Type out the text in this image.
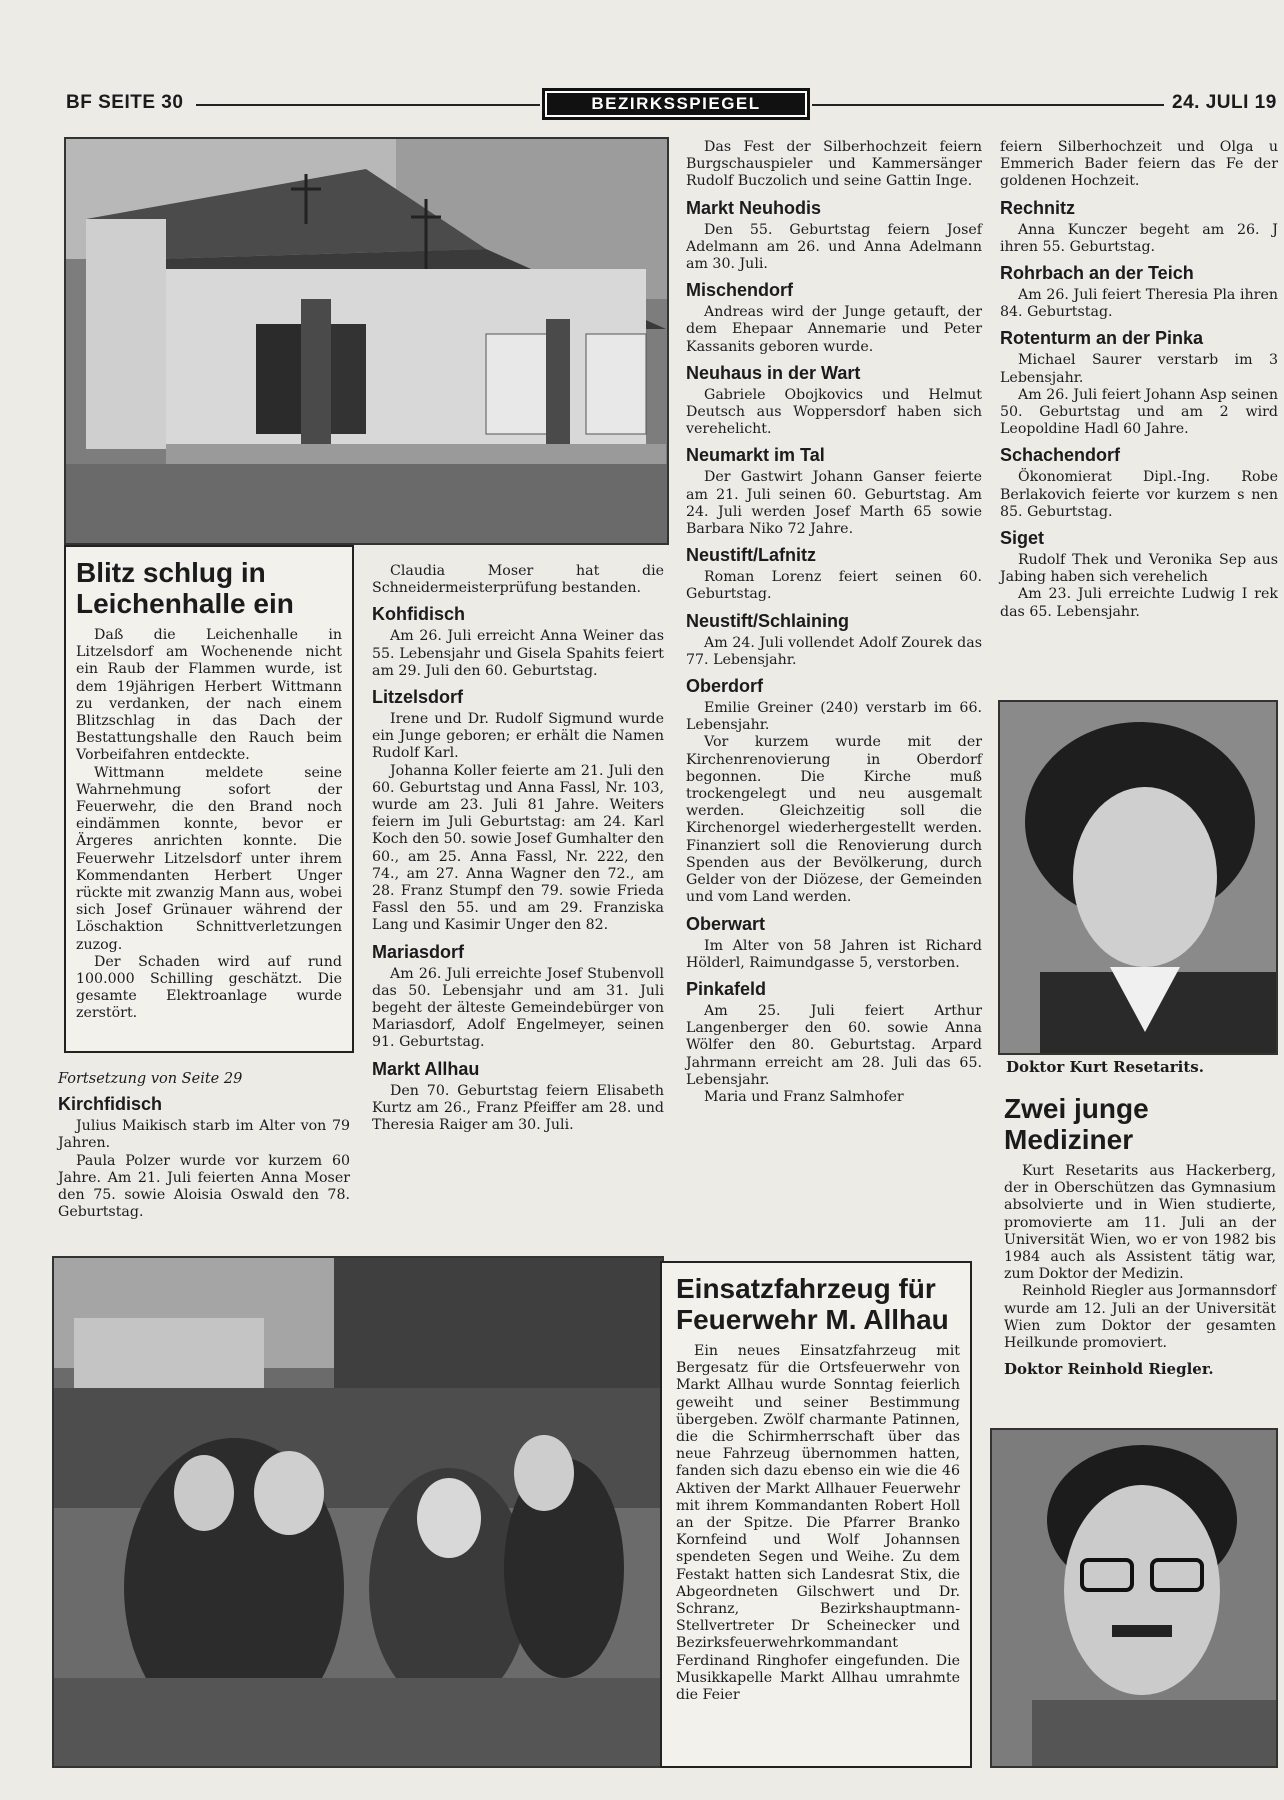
BF SEITE 30	BEZIRKSSPIEGEL	24. JULI 19
Blitz schlug in Leichenhalle ein

Daß die Leichenhalle in Litzelsdorf am Wochenende nicht ein Raub der Flammen wurde, ist dem 19jährigen Herbert Wittmann zu verdanken, der nach einem Blitzschlag in das Dach der Bestattungshalle den Rauch beim Vorbeifahren entdeckte.

Wittmann meldete seine Wahrnehmung sofort der Feuerwehr, die den Brand noch eindämmen konnte, bevor er Ärgeres anrichten konnte. Die Feuerwehr Litzelsdorf unter ihrem Kommendanten Herbert Unger rückte mit zwanzig Mann aus, wobei sich Josef Grünauer während der Löschaktion Schnittverletzungen zuzog.

Der Schaden wird auf rund 100.000 Schilling geschätzt. Die gesamte Elektroanlage wurde zerstört.

Fortsetzung von Seite 29
Kirchfidisch

Julius Maikisch starb im Alter von 79 Jahren.

Paula Polzer wurde vor kurzem 60 Jahre. Am 21. Juli feierten Anna Moser den 75. sowie Aloisia Oswald den 78. Geburtstag.

Claudia Moser hat die Schneidermeisterprüfung bestanden.

Kohfidisch

Am 26. Juli erreicht Anna Weiner das 55. Lebensjahr und Gisela Spahits feiert am 29. Juli den 60. Geburtstag.

Litzelsdorf

Irene und Dr. Rudolf Sigmund wurde ein Junge geboren; er erhält die Namen Rudolf Karl.

Johanna Koller feierte am 21. Juli den 60. Geburtstag und Anna Fassl, Nr. 103, wurde am 23. Juli 81 Jahre. Weiters feiern im Juli Geburtstag: am 24. Karl Koch den 50. sowie Josef Gumhalter den 60., am 25. Anna Fassl, Nr. 222, den 74., am 27. Anna Wagner den 72., am 28. Franz Stumpf den 79. sowie Frieda Fassl den 55. und am 29. Franziska Lang und Kasimir Unger den 82.

Mariasdorf

Am 26. Juli erreichte Josef Stubenvoll das 50. Lebensjahr und am 31. Juli begeht der älteste Gemeindebürger von Mariasdorf, Adolf Engelmeyer, seinen 91. Geburtstag.

Markt Allhau

Den 70. Geburtstag feiern Elisabeth Kurtz am 26., Franz Pfeiffer am 28. und Theresia Raiger am 30. Juli.

Das Fest der Silberhochzeit feiern Burgschauspieler und Kammersänger Rudolf Buczolich und seine Gattin Inge.

Markt Neuhodis

Den 55. Geburtstag feiern Josef Adelmann am 26. und Anna Adelmann am 30. Juli.

Mischendorf

Andreas wird der Junge getauft, der dem Ehepaar Annemarie und Peter Kassanits geboren wurde.

Neuhaus in der Wart

Gabriele Obojkovics und Helmut Deutsch aus Woppersdorf haben sich verehelicht.

Neumarkt im Tal

Der Gastwirt Johann Ganser feierte am 21. Juli seinen 60. Geburtstag. Am 24. Juli werden Josef Marth 65 sowie Barbara Niko 72 Jahre.

Neustift/Lafnitz

Roman Lorenz feiert seinen 60. Geburtstag.

Neustift/Schlaining

Am 24. Juli vollendet Adolf Zourek das 77. Lebensjahr.

Oberdorf

Emilie Greiner (240) verstarb im 66. Lebensjahr.

Vor kurzem wurde mit der Kirchenrenovierung in Oberdorf begonnen. Die Kirche muß trockengelegt und neu ausgemalt werden. Gleichzeitig soll die Kirchenorgel wiederhergestellt werden. Finanziert soll die Renovierung durch Spenden aus der Bevölkerung, durch Gelder von der Diözese, der Gemeinden und vom Land werden.

Oberwart

Im Alter von 58 Jahren ist Richard Hölderl, Raimundgasse 5, verstorben.

Pinkafeld

Am 25. Juli feiert Arthur Langenberger den 60. sowie Anna Wölfer den 80. Geburtstag. Arpard Jahrmann erreicht am 28. Juli das 65. Lebensjahr.

Maria und Franz Salmhofer

feiern Silberhochzeit und Olga u Emmerich Bader feiern das Fe der goldenen Hochzeit.

Rechnitz

Anna Kunczer begeht am 26. J ihren 55. Geburtstag.

Rohrbach an der Teich

Am 26. Juli feiert Theresia Pla ihren 84. Geburtstag.

Rotenturm an der Pinka

Michael Saurer verstarb im 3 Lebensjahr.

Am 26. Juli feiert Johann Asp seinen 50. Geburtstag und am 2 wird Leopoldine Hadl 60 Jahre.

Schachendorf

Ökonomierat Dipl.-Ing. Robe Berlakovich feierte vor kurzem s nen 85. Geburtstag.

Siget

Rudolf Thek und Veronika Sep aus Jabing haben sich verehelich

Am 23. Juli erreichte Ludwig I rek das 65. Lebensjahr.

Doktor Kurt Resetarits.
Zwei junge Mediziner

Kurt Resetarits aus Hackerberg, der in Oberschützen das Gymnasium absolvierte und in Wien studierte, promovierte am 11. Juli an der Universität Wien, wo er von 1982 bis 1984 auch als Assistent tätig war, zum Doktor der Medizin.

Reinhold Riegler aus Jormannsdorf wurde am 12. Juli an der Universität Wien zum Doktor der gesamten Heilkunde promoviert.

Doktor Reinhold Riegler.
Einsatzfahrzeug für Feuerwehr M. Allhau

Ein neues Einsatzfahrzeug mit Bergesatz für die Ortsfeuerwehr von Markt Allhau wurde Sonntag feierlich geweiht und seiner Bestimmung übergeben. Zwölf charmante Patinnen, die die Schirmherrschaft über das neue Fahrzeug übernommen hatten, fanden sich dazu ebenso ein wie die 46 Aktiven der Markt Allhauer Feuerwehr mit ihrem Kommandanten Robert Holl an der Spitze. Die Pfarrer Branko Kornfeind und Wolf Johannsen spendeten Segen und Weihe. Zu dem Festakt hatten sich Landesrat Stix, die Abgeordneten Gilschwert und Dr. Schranz, Bezirkshauptmann-Stellvertreter Dr Scheinecker und Bezirksfeuerwehrkommandant Ferdinand Ringhofer eingefunden. Die Musikkapelle Markt Allhau umrahmte die Feier
